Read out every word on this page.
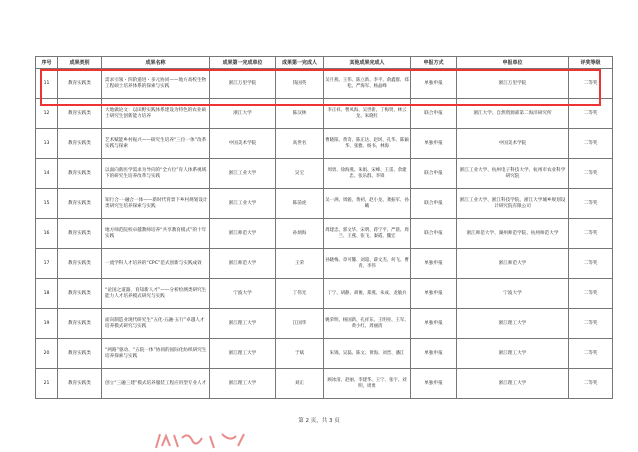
序号	成果类别	成果名称	成果第一完成单位	成果第一完成人	其他成果完成人	申报方式	申报单位	评奖等级
11	教育实践类	需求引领・四阶递进・多元协同——地方高校生物工程硕士培养体系的探索与实践	浙江万里学院	钱国英	吴月燕、王伟、陈立新、李平、俞鑫群、郑松、严海军、杨晶峰	单独申报	浙江万里学院	二等奖
12	教育实践类	大地做论文：以田野实践体系建设为特色的农业硕士研究生创新能力培养	浙江大学	陈汉林	李正祥、曹凤海、吴世新、丁梅贤、林云龙、朱晓红	联合申报	浙江大学、自然资源部第二海洋研究所	二等奖
13	教育实践类	艺术赋能乡村振兴——研究生培养“三位一体”改革实践与探索	中国美术学院	高世名	曹晓阳、黄奇、陈正达、赵珂、孔华、陈颖华、张雅、杨书、林海	单独申报	中国美术学院	二等奖
14	教育实践类	以面向新医学需求为导向的“全方位”育人体系视域下的研究生培养改革与实践	浙江工业大学	吴宝	周勇、徐海燕、朱娟、宋峰、王雷、余建忠、张乐群、李锋	联合申报	浙江工业大学、杭州电子科技大学、杭州市农业科学研究院	二等奖
15	教育实践类	知行合一·融合一体——新时代背景下乡村规划设计类研究生培养探索与实践	浙江工业大学	陈前虎	吴一洲、周骏、黄初、赵小龙、龚振军、孙曦	联合申报	浙江工业大学、浙江科技学院、浙江大学城乡规划设计研究院有限公司	二等奖
16	教育实践类	地方师范院校卓越教师培养“共享教育模式”的十年实践	浙江师范大学	孙炳海	周建忠、郭文华、宋明、蒋宁平、严晨、周兰、王燕、张飞、秦霞、魏宏	联合申报	浙江师范大学、湖州师范学院、杭州师范大学	二等奖
17	教育实践类	一流学科人才培养的“CPC”范式创新与实践成效	浙江师范大学	王荣	孙晓梅、章可馨、刘超、薛文杰、何飞、曹青、李伟	单独申报	浙江师范大学	二等奖
18	教育实践类	“论国之道器，育知新人才”——分析检测类研究生能力人才培养模式研究与实践	宁波大学	丁伟光	丁宁、胡静、胡俊、郑燕、朱成、龙敏兵	单独申报	宁波大学	二等奖
19	教育实践类	面向制造业现代研究生“五化·五融·五行”卓越人才培养模式研究与实践	浙江理工大学	江国华	姚荣明、杨国新、孔祥东、王明亮、王军、黄小红、周丽清	单独申报	浙江理工大学	二等奖
20	教育实践类	“两路”驱动、“五院一体”协同的国际化纺织研究生培养探索与实践	浙江理工大学	于斌	朱锦、吴磊、陈文、黄海、刘晋、潘江	单独申报	浙江理工大学	二等奖
21	教育实践类	创立“三融三建”模式培养服装工程应用型专业人才	浙江理工大学	刘正	顾冰清、赵丽、李建华、王宁、张宇、刘明、周勇	单独申报	浙江理工大学	二等奖
第 2 页，共 3 页
